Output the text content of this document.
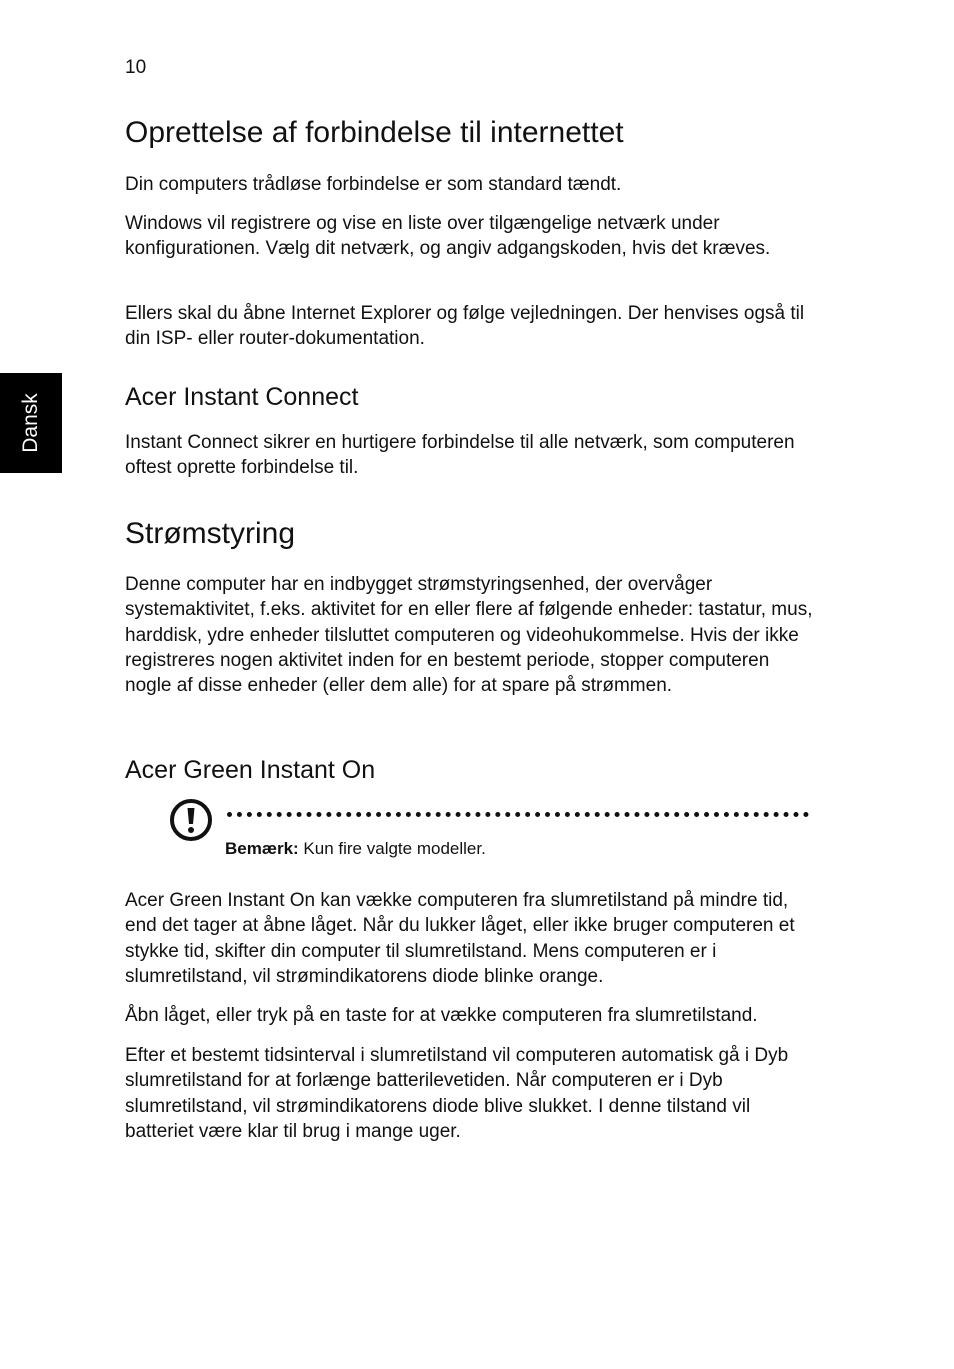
10
Dansk
Oprettelse af forbindelse til internettet

Din computers trådløse forbindelse er som standard tændt.

Windows vil registrere og vise en liste over tilgængelige netværk under konfigurationen. Vælg dit netværk, og angiv adgangskoden, hvis det kræves.

Ellers skal du åbne Internet Explorer og følge vejledningen. Der henvises også til din ISP- eller router-dokumentation.

Acer Instant Connect

Instant Connect sikrer en hurtigere forbindelse til alle netværk, som computeren oftest oprette forbindelse til.

Strømstyring

Denne computer har en indbygget strømstyringsenhed, der overvåger systemaktivitet, f.eks. aktivitet for en eller flere af følgende enheder: tastatur, mus, harddisk, ydre enheder tilsluttet computeren og videohukommelse. Hvis der ikke registreres nogen aktivitet inden for en bestemt periode, stopper computeren nogle af disse enheder (eller dem alle) for at spare på strømmen.

Acer Green Instant On
Bemærk: Kun fire valgte modeller.

Acer Green Instant On kan vække computeren fra slumretilstand på mindre tid, end det tager at åbne låget. Når du lukker låget, eller ikke bruger computeren et stykke tid, skifter din computer til slumretilstand. Mens computeren er i slumretilstand, vil strømindikatorens diode blinke orange.

Åbn låget, eller tryk på en taste for at vække computeren fra slumretilstand.

Efter et bestemt tidsinterval i slumretilstand vil computeren automatisk gå i Dyb slumretilstand for at forlænge batterilevetiden. Når computeren er i Dyb slumretilstand, vil strømindikatorens diode blive slukket. I denne tilstand vil batteriet være klar til brug i mange uger.
